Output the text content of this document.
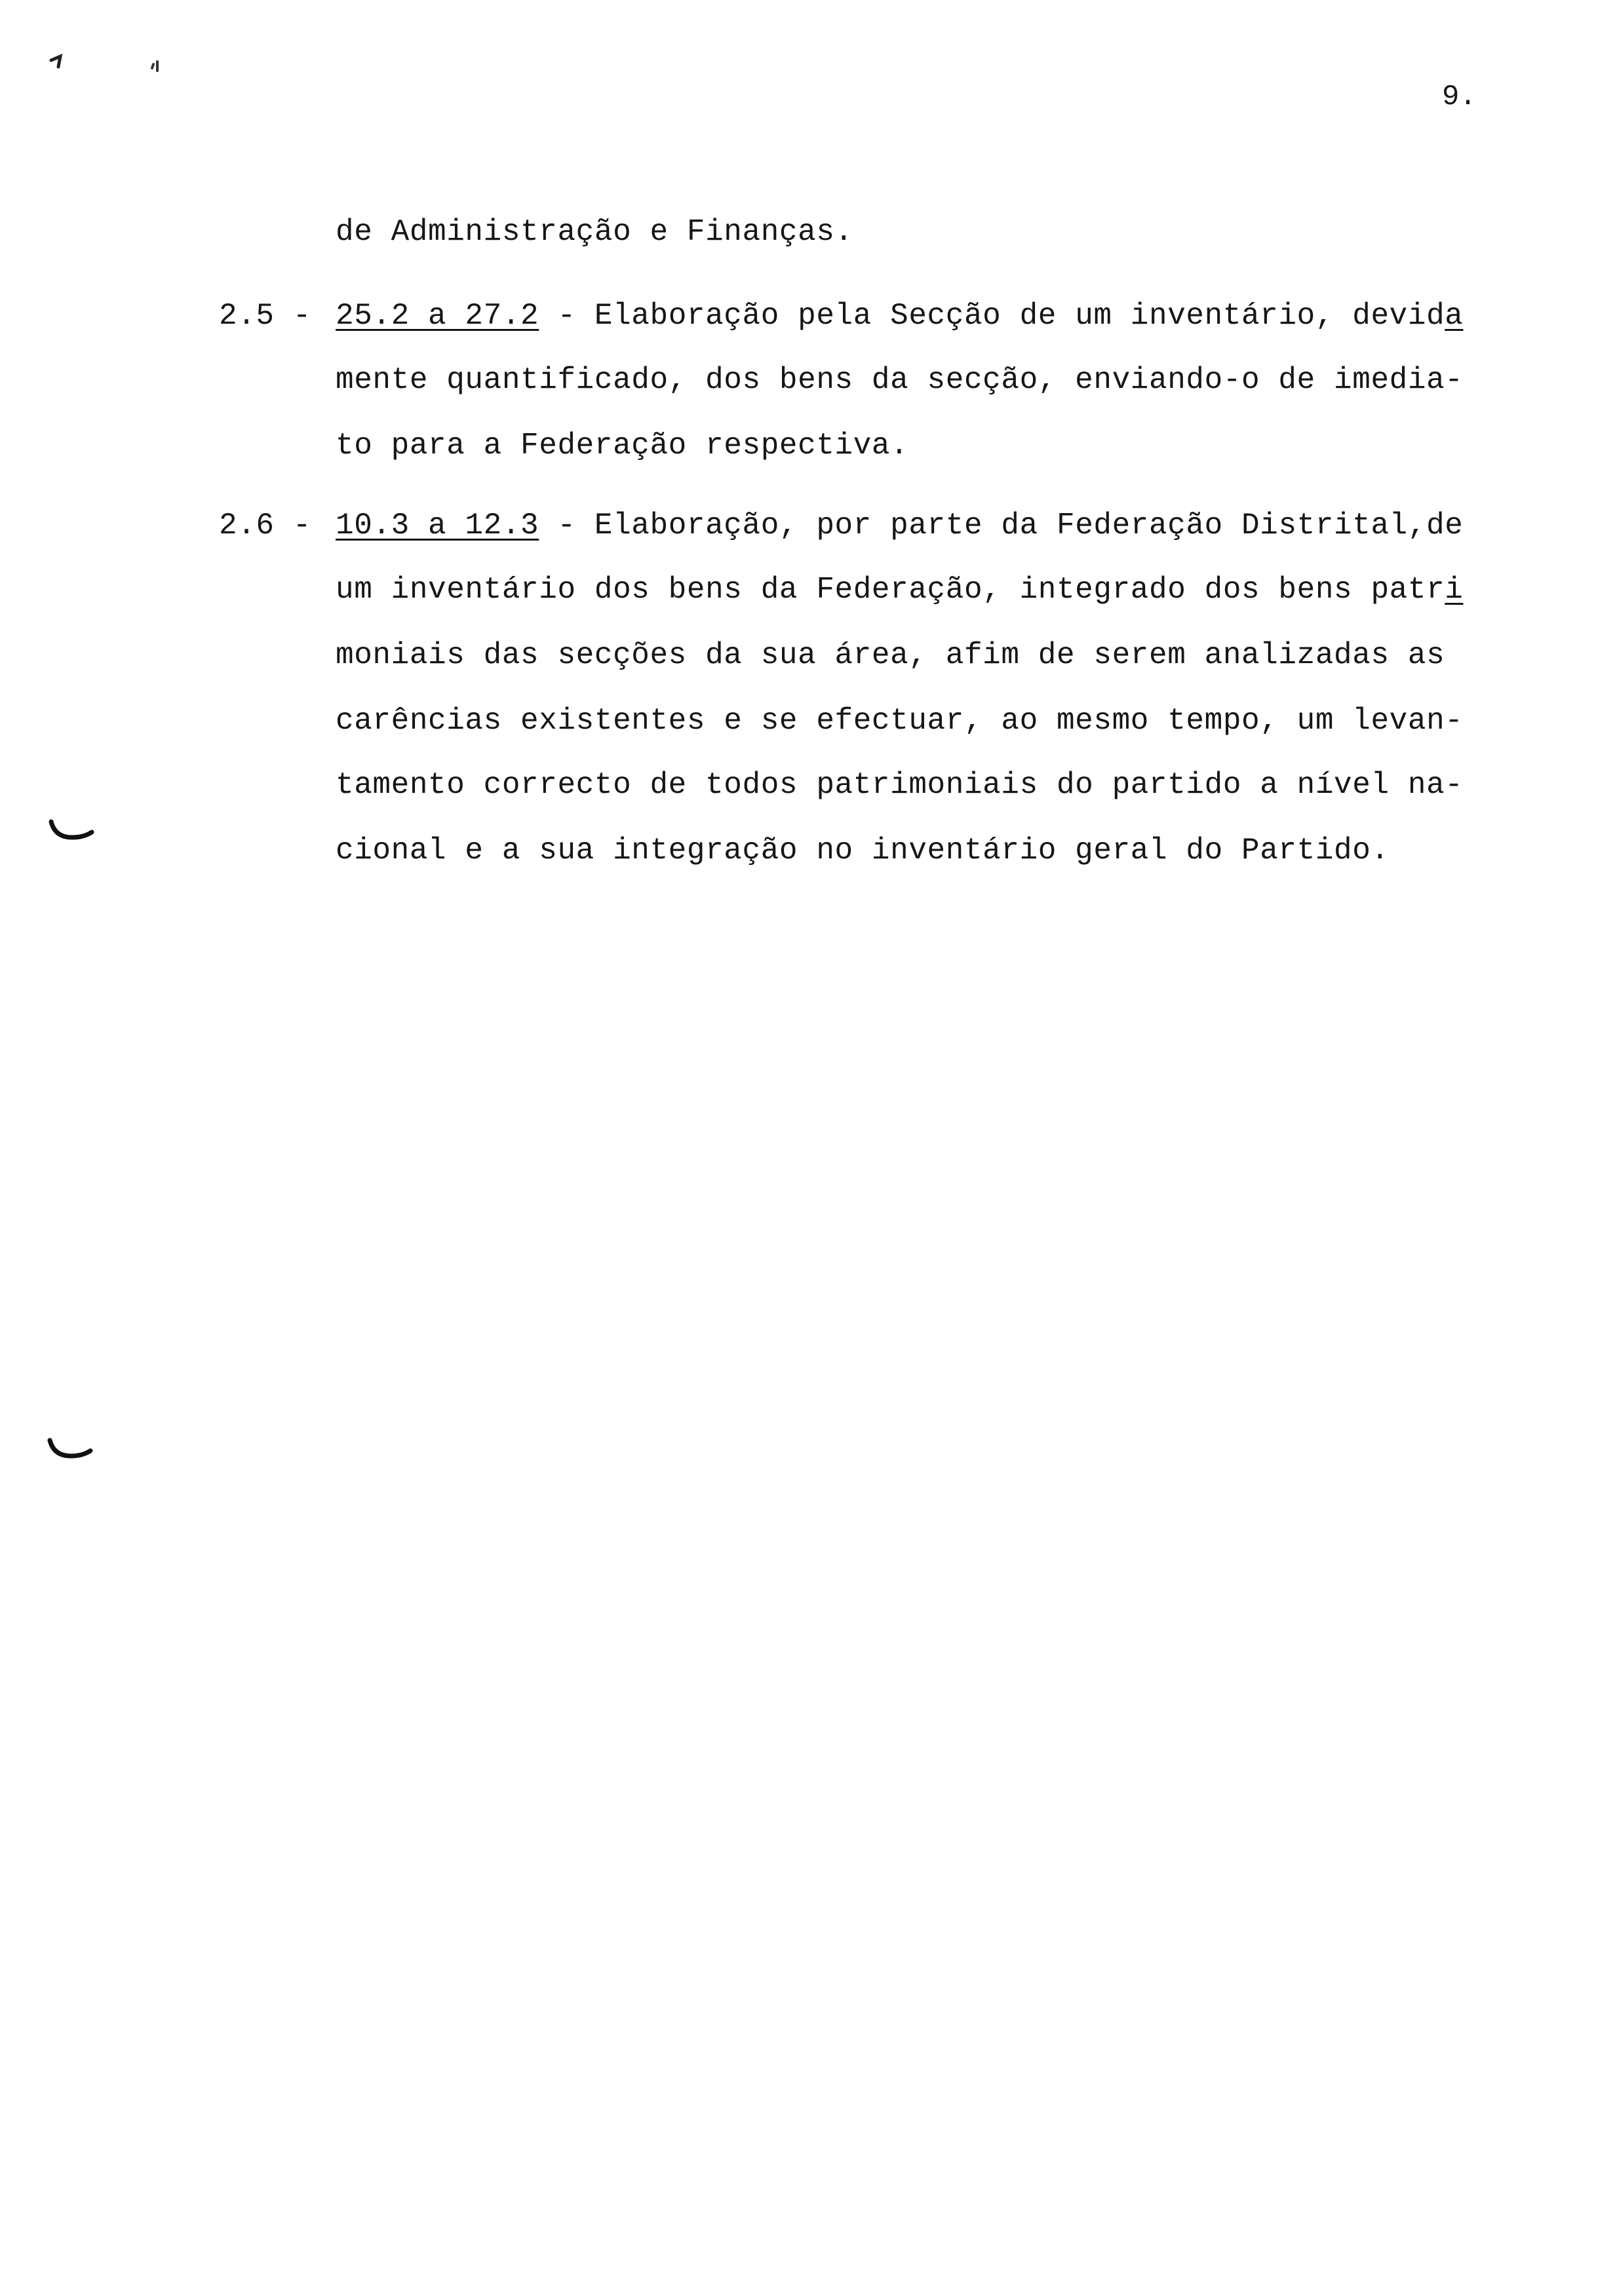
9.
de Administração e Finanças.
2.5 - 25.2 a 27.2 - Elaboração pela Secção de um inventário, devida
mente quantificado, dos bens da secção, enviando-o de imedia-
to para a Federação respectiva.
2.6 - 10.3 a 12.3 - Elaboração, por parte da Federação Distrital,de
um inventário dos bens da Federação, integrado dos bens patri
moniais das secções da sua área, afim de serem analizadas as
carências existentes e se efectuar, ao mesmo tempo, um levan-
tamento correcto de todos patrimoniais do partido a nível na-
cional e a sua integração no inventário geral do Partido.
